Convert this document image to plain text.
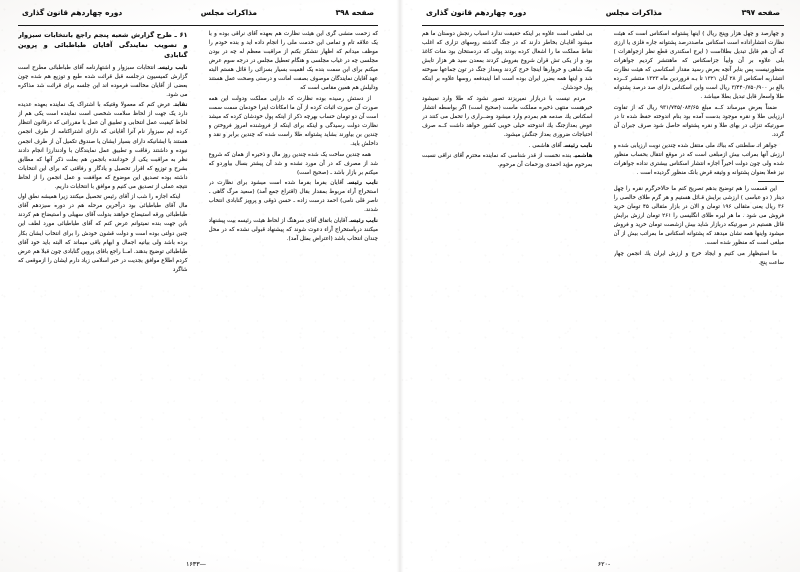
دوره چهاردهم قانون گذاری	مذاکرات مجلس	صفحه ۳۹۸

که زحمت منشی گری این هیئت نظارت هم بعهده آقای نراقی بوده و با یک علاقه تام و تمامی این خدمت ملی را انجام داده اید و بنده خودم را موظف میدانم که اظهار نتشکر بکنم از مراقبت معظم له چه در بودن مجلسی چه در غیاب مجلسی و هنگام تعطیل مجلس در درجه سوم عرض میکنم برای این سمت بنده یک اهمیت بسیار بسزائی را قائل هستم البته عهد آقایان نمایندگان موصوف بصفت امانت و درستی وصحت عمل هستند ودلیلش هم همین مقامی است که

از دستش رسیده بوده نظارت که دارایی مملکت ودولت این همه صورت آن صورت اثبات کرده از آن ما امکانات اینرا خودمان سمت سمت است آن دو تومان حساب بهرچه ذکر از اینکه پول خودشان کرده که میشد نظارت دولت رسیدگی و اینکه برای اینکه از فروشنده امروز فروختن و چندین بن بیاورند بشاید پشتوانه طلا راست شده که چندین برابر و نقد و داخلش باید.

همه چندین ساخت یک شده چندین روز مال و ذخیره از همان که شروع شد از مصرف که در آن مورد نشده و شد آن پیشتر بسال بیاوردو که میکنم بر بازار باشد ـ (صحیح است)

نایب رئیسـ آقایان بفرما بفرما شده است میشود برای نظارت در استخراج آراء مربوط بمقدار بقال (اقتراع جمع آمد) (سعید مرگ گاهی ـ ناصر قلی نامی) احمد درست زاده ـ حسن ذوقی و پرویز گنابادی انتخاب شدند.

نایب رئیسـ آقایان باتفاق آقای سرهنگ از لحاظ هیئت رئیسه بیت پیشنهاد میکنند درباستخراج آراء دعوت شوند که پیشنهاد قبولی نشده که در محل چندان انتخاب باشد (اعتراض بمثل آمد).

۶۱ ـ طرح گزارش شعبه پنجم راجع بانتخابات سبزوار و تصویب نمایندگی آقایان طباطبائی و پروین گنابادی

نایب رئیسـ انتخابات سبزوار و اشتهارنامه آقای طباطبائی مطرح است گزارش کمیسیون درجلسه قبل قرائت شده طبع و توزیع هم شده چون بعضی از آقایان مخالفت فرموده اند این جلسه برای قرائت شد مذاکره می شود.

نقابتـ عرض کنم که معمولا وقتیکه با اشتراک یک نماینده بعهده عدیده دارد یک جهت از لحاظ سلامت شخصی است نماینده است یکی هم از لحاظ کیفیت عمل انتخابی و تطبیق آن عمل با مقرراتی که درقانون انتظار کرده ایم سبزوار نام آنرا آقایانی که دارای اشتراکنامه از طرف انجمن هستند با ایشانیکه دارای بسیار ایشان یا صندوق تکمیل آن از طرف انجمن نبوده و داشتند رفاقت و تطبیق عمل نمایندگان با وادندارزا انجام دادند نظر به مراقبت یکی از خوداننده بانجمن هم بعلت ذکر آنها که مطابق بشرح و توزیع که اقرار تحصیل و یادگار و رفاقتی که برای این انتخابات داشته بوده تصدیق این موضوع که موافقت و عمل انجمن را از لحاظ نتیجه عملی از تصدیق می کنیم و موافق با انتخابات داریم.

اینکه اجازه را شب از آقای رئیس تحصیل میکنند زیرا همیشه نطق اول مال آقای طباطبائی بود درآخرین مرحله هم در دوره سیزدهم آقای طباطبائی ورقه استیضاح خواهند بدولت آقای سهیلی و استیضاح هم کردند باین جهت بنده نمیتوانم عرض کنم که آقای طباطبائی مورد لطف این چنین دولتی بوده است و دولت قشون خودش را برای انتخاب ایشان بکار برده باشد ولی بیانیه اجمال و ابهام باقی میماند که البته باید خود آقای طباطبائی توضیح بدهند. امــا راجع باقای پروین گنابادی چون قبلا هم عرض کردم اطلاع موافق بجدیت در خبر اسلامی زیاد دارم ایشان را ازموقعی که شاگرد

—۱۶۳۳
دوره چهاردهم قانون گذاری	مذاکرات مجلس	صفحه ۳۹۷

و چهارصد و چهل هزار وپنج ریال ) اینها پشتوانه اسکناس است که هیئت نظارت انتشاراداده است اسکناس ماصددرصد پشتوانه جاره فلزی یا ارزی که آن هم قابل تبدیل بطلااست ( ایرج اسکندری قطع نظر ازجواهرات ) بلی علاوه بر آن وایبأ جزاسکناس که ماهنتشر کردیم جواهرات متظورنیست پس بنابر آنچه بعرض رسید مقدار اسکناسی که هیئت نظارت انتشاربه اسکناس از ۲۸ آبان ۱۳۲۱ تا بـه فروردین ماه ۱۳۲۳ منتشر کــرده بالغ بر ۳/۴۴۰/۷۵۰/۹۰۰ ریال است واین اسکناس دارای صد درصد پشتوانه طلا واسعار قابل تبدیل بطلا میباشد .

ضمناً بعرض میرساند کــه مبلغ ۹۳۱/۷۴۵/۰۸۴/۶۵ ریال که از تفاوت ارزیابی طلا و نقره موجود بدست آمده بود بنام اندوخته حفظ شده تا در صورتیکه تنزلی در بهای طلا و نقره پشتوانه حاصل شود صرف جبران آن گردد.

جواهر اتـ سلطنتی که بباك ملی منتقل شده چندین نوبت ارزیابی شده و ارزش آنها بمراتب بیش ازمبلغی است که در موقع انتقال بحساب منظور شده ولی چون دولت اخیراً اجازه انتشار اسکناس بیشتری نداده جواهرات نیز فعلا بعنوان پشتوانه و وثیقه قرض بانک منظور گردیده است .

این قسمت را هم توضیح بدهم تصریح کنم ما حالاحرگرم نقره را چهل دینار ( دو عباسی ) ارزشی برایش قـائل هستیم و هر گرم طلای خالصی را ۳۶ ریال یعنی مثقالی ۱۹۶ تومان و الان در بازار مثقالی ۴۵ تومان خرید فروش می شود . ما هر لیره طلای انگلیسی را ۲۶۱ تومان ارزش برایش قائل هستیم در صورتیکه دربازار شاید بیش ازشصت تومان خرید و فروش میشود واینها همه نشان میدهد که پشتوانه اسکناس ما بمراتب بیش از آن مبلغی است که منظور شده است.

ما استیظهار می کنیم و ایجاد خرج و ارزش ایران یك انجمن چهار ساعت پنج.

بی لطفی است علاوه بر اینکه حقیقت ندارد اسباب رنجش دوستان ما هم میشود آقایـان بخاطر دارند که در جنگ گذشته روسهای تزاری که اغلب نقاط مملکت ما را اشغال کرده بودند پولی که دردستخان بود منات کاغذ بود و از یکی تش قران شروع بفروش کردند بمعدن سید هر هزار تابش بیک شاهی و خروارها اینجا خرج کردند وبعداز جنگ در تون جماعها سوخته شد و اینها همه بضرر ایران بوده است اما اینبدفعه روسها علاوه بر اینکه پول خودشان.

مردم نیست با دربازار نمیریزند تصور نشود که طلا وارد نمیشود خیرهست منتهی ذخیره مملکت ماست (صحیح است) اگر بواسطه انتشار اسکناس یك صدمه هم بمردم وارد میشود وضــراری را تحمل می کنند در عوض بعدازجنگ یك اندوخته خیلی خوبی کشور خواهد داشت کــه صرف احتیاجات ضروری بعداز جنگش میشود.

نایب رئیسـ آقای هاشمی .

هاشمیـ بنده نخست از قدر شناسی که نماینده محترم آقای نراقی نسبت بمرحوم مؤید احمدی وزحمات آن مرحوم.

-۶۲۰
